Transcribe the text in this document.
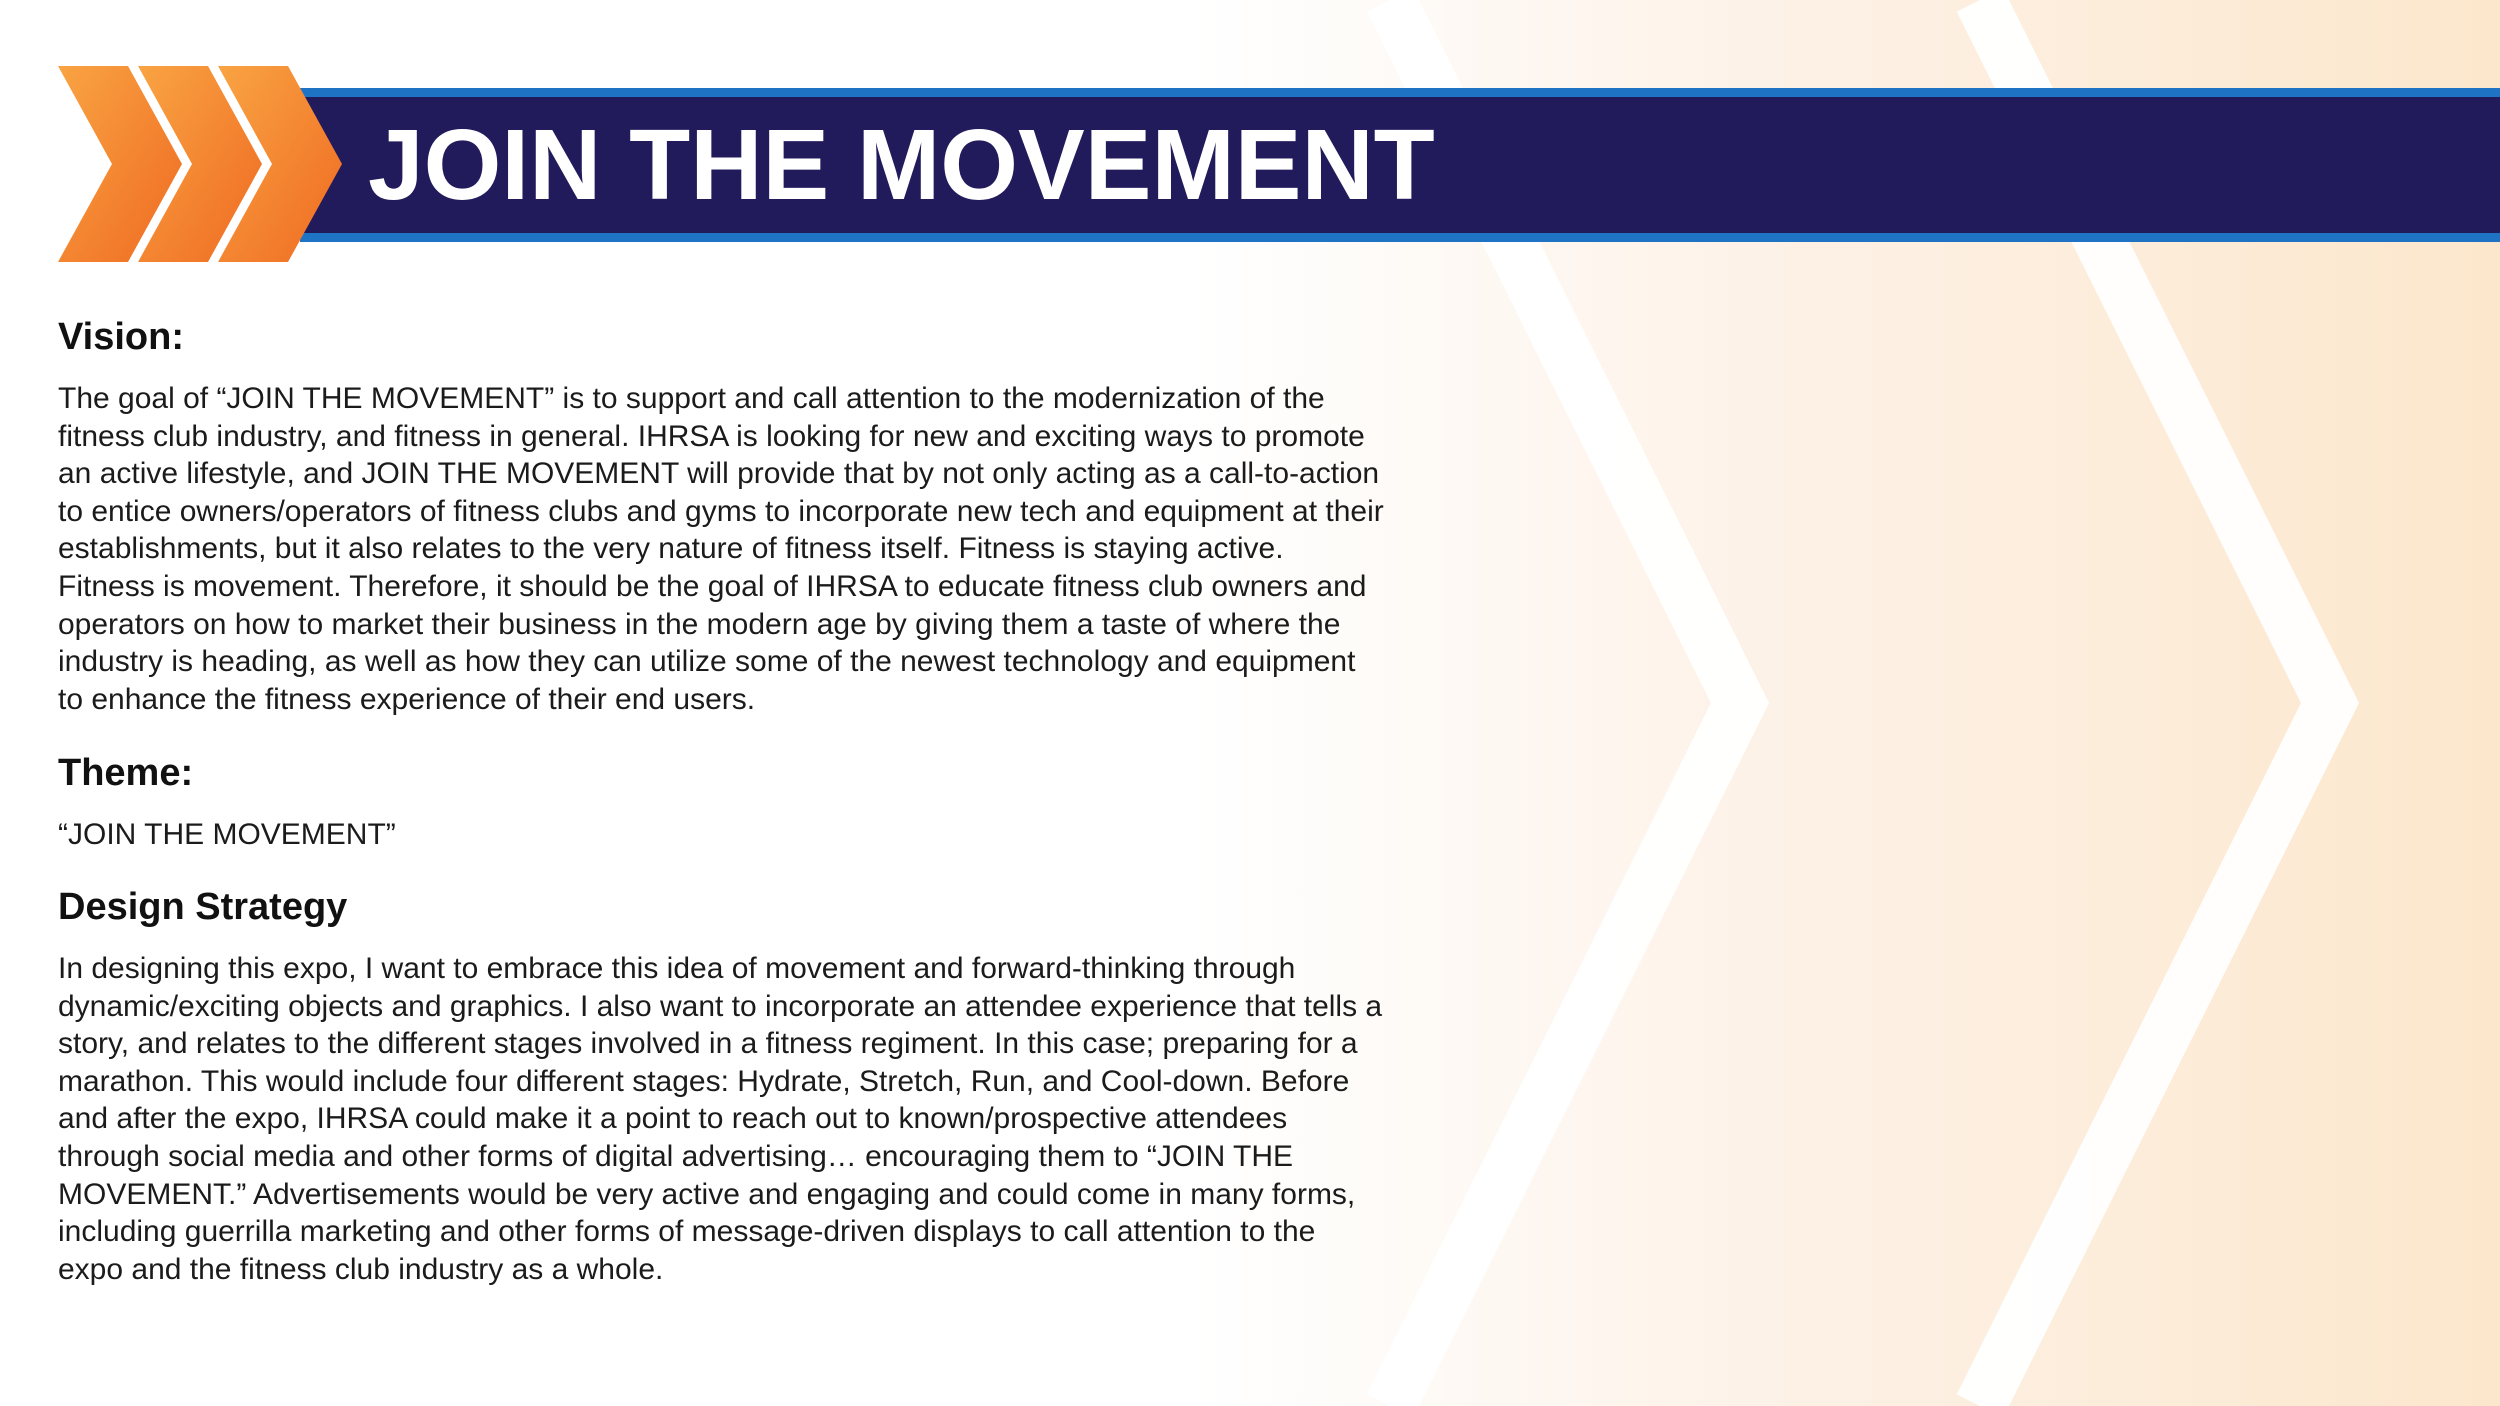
JOIN THE MOVEMENT
Vision:

The goal of “JOIN THE MOVEMENT” is to support and call attention to the modernization of the fitness club industry, and fitness in general. IHRSA is looking for new and exciting ways to promote an active lifestyle, and JOIN THE MOVEMENT will provide that by not only acting as a call-to-action to entice owners/operators of fitness clubs and gyms to incorporate new tech and equipment at their establishments, but it also relates to the very nature of fitness itself. Fitness is staying active. Fitness is movement. Therefore, it should be the goal of IHRSA to educate fitness club owners and operators on how to market their business in the modern age by giving them a taste of where the industry is heading, as well as how they can utilize some of the newest technology and equipment to enhance the fitness experience of their end users.

Theme:

“JOIN THE MOVEMENT”

Design Strategy

In designing this expo, I want to embrace this idea of movement and forward-thinking through dynamic/exciting objects and graphics. I also want to incorporate an attendee experience that tells a story, and relates to the different stages involved in a fitness regiment. In this case; preparing for a marathon. This would include four different stages: Hydrate, Stretch, Run, and Cool-down. Before and after the expo, IHRSA could make it a point to reach out to known/prospective attendees through social media and other forms of digital advertising… encouraging them to “JOIN THE MOVEMENT.” Advertisements would be very active and engaging and could come in many forms, including guerrilla marketing and other forms of message-driven displays to call attention to the expo and the fitness club industry as a whole.
